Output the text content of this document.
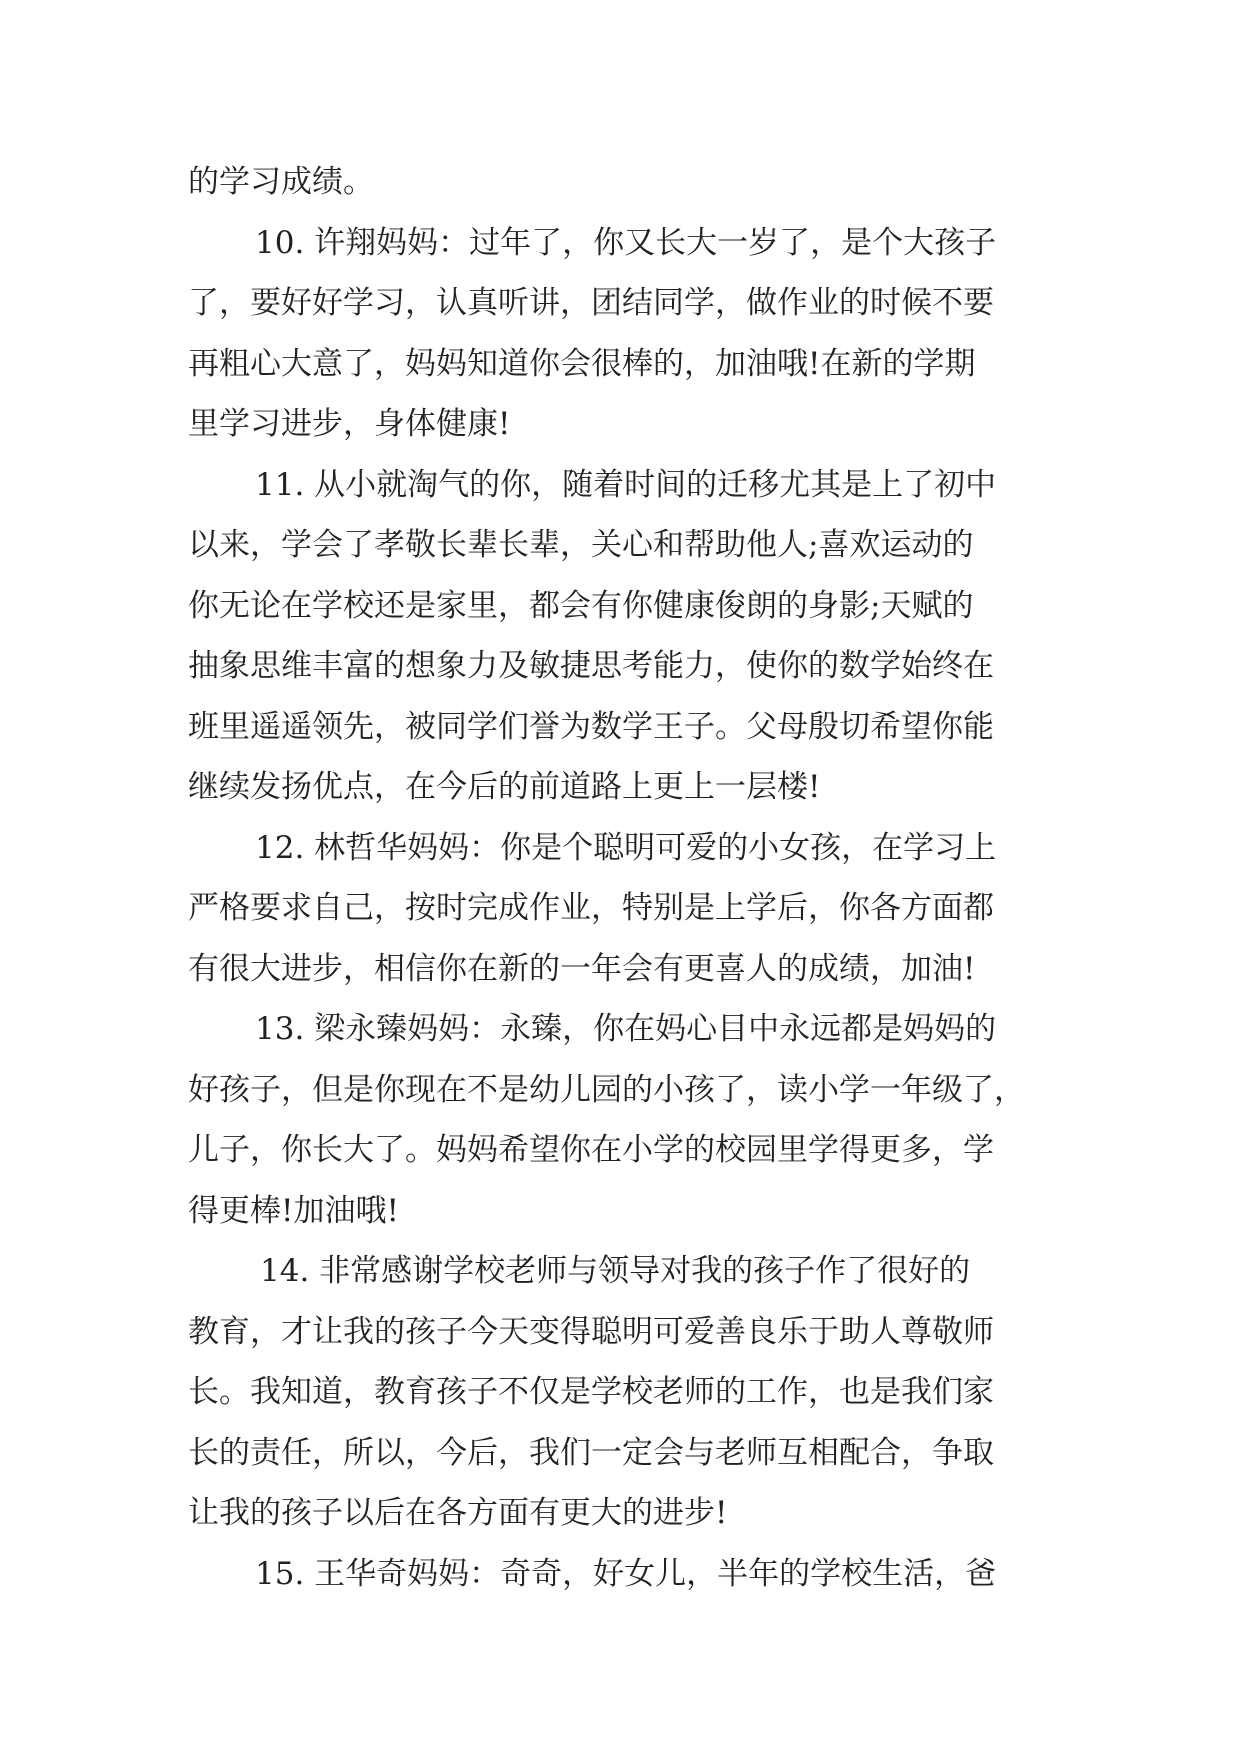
的学习成绩。
10. 许翔妈妈：过年了，你又长大一岁了，是个大孩子
了，要好好学习，认真听讲，团结同学，做作业的时候不要
再粗心大意了，妈妈知道你会很棒的，加油哦!在新的学期
里学习进步，身体健康!
11. 从小就淘气的你，随着时间的迁移尤其是上了初中
以来，学会了孝敬长辈长辈，关心和帮助他人;喜欢运动的
你无论在学校还是家里，都会有你健康俊朗的身影;天赋的
抽象思维丰富的想象力及敏捷思考能力，使你的数学始终在
班里遥遥领先，被同学们誉为数学王子。父母殷切希望你能
继续发扬优点，在今后的前道路上更上一层楼!
12. 林哲华妈妈：你是个聪明可爱的小女孩，在学习上
严格要求自己，按时完成作业，特别是上学后，你各方面都
有很大进步，相信你在新的一年会有更喜人的成绩，加油!
13. 梁永臻妈妈：永臻，你在妈心目中永远都是妈妈的
好孩子，但是你现在不是幼儿园的小孩了，读小学一年级了，
儿子，你长大了。妈妈希望你在小学的校园里学得更多，学
得更棒!加油哦!
14. 非常感谢学校老师与领导对我的孩子作了很好的
教育，才让我的孩子今天变得聪明可爱善良乐于助人尊敬师
长。我知道，教育孩子不仅是学校老师的工作，也是我们家
长的责任，所以，今后，我们一定会与老师互相配合，争取
让我的孩子以后在各方面有更大的进步!
15. 王华奇妈妈：奇奇，好女儿，半年的学校生活，爸
